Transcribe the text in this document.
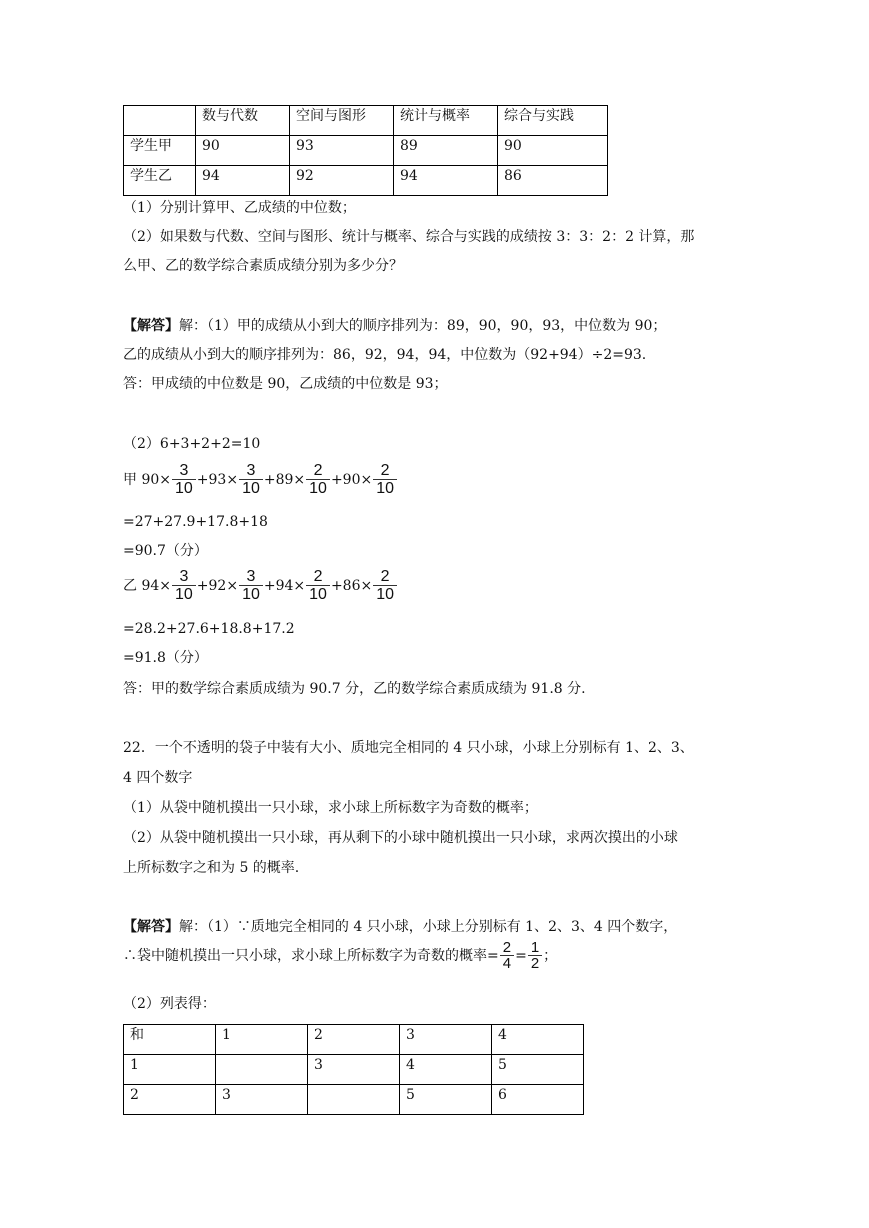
	数与代数	空间与图形	统计与概率	综合与实践
学生甲	90	93	89	90
学生乙	94	92	94	86
（1）分别计算甲、乙成绩的中位数；
（2）如果数与代数、空间与图形、统计与概率、综合与实践的成绩按 3：3：2：2 计算，那
么甲、乙的数学综合素质成绩分别为多少分？
【解答】解：（1）甲的成绩从小到大的顺序排列为：89，90，90，93，中位数为 90；
乙的成绩从小到大的顺序排列为：86，92，94，94，中位数为（92+94）÷2=93.
答：甲成绩的中位数是 90，乙成绩的中位数是 93；
（2）6+3+2+2=10
甲 $90\times \frac{3}{10} +93\times \frac{3}{10} +89\times \frac{2}{10} +90\times \frac{2}{10}$
=27+27.9+17.8+18
=90.7（分）
乙 $94\times \frac{3}{10} +92\times \frac{3}{10} +94\times \frac{2}{10} +86\times \frac{2}{10}$
=28.2+27.6+18.8+17.2
=91.8（分）
答：甲的数学综合素质成绩为 90.7 分，乙的数学综合素质成绩为 91.8 分.
22．一个不透明的袋子中装有大小、质地完全相同的 4 只小球，小球上分别标有 1、2、3、
4 四个数字
（1）从袋中随机摸出一只小球，求小球上所标数字为奇数的概率；
（2）从袋中随机摸出一只小球，再从剩下的小球中随机摸出一只小球，求两次摸出的小球
上所标数字之和为 5 的概率.
【解答】解：（1）∵质地完全相同的 4 只小球，小球上分别标有 1、2、3、4 四个数字，
∴袋中随机摸出一只小球，求小球上所标数字为奇数的概率= $\frac{2}{4} = \frac{1}{2}$ ；
（2）列表得：
和	1	2	3	4
1		3	4	5
2	3		5	6
